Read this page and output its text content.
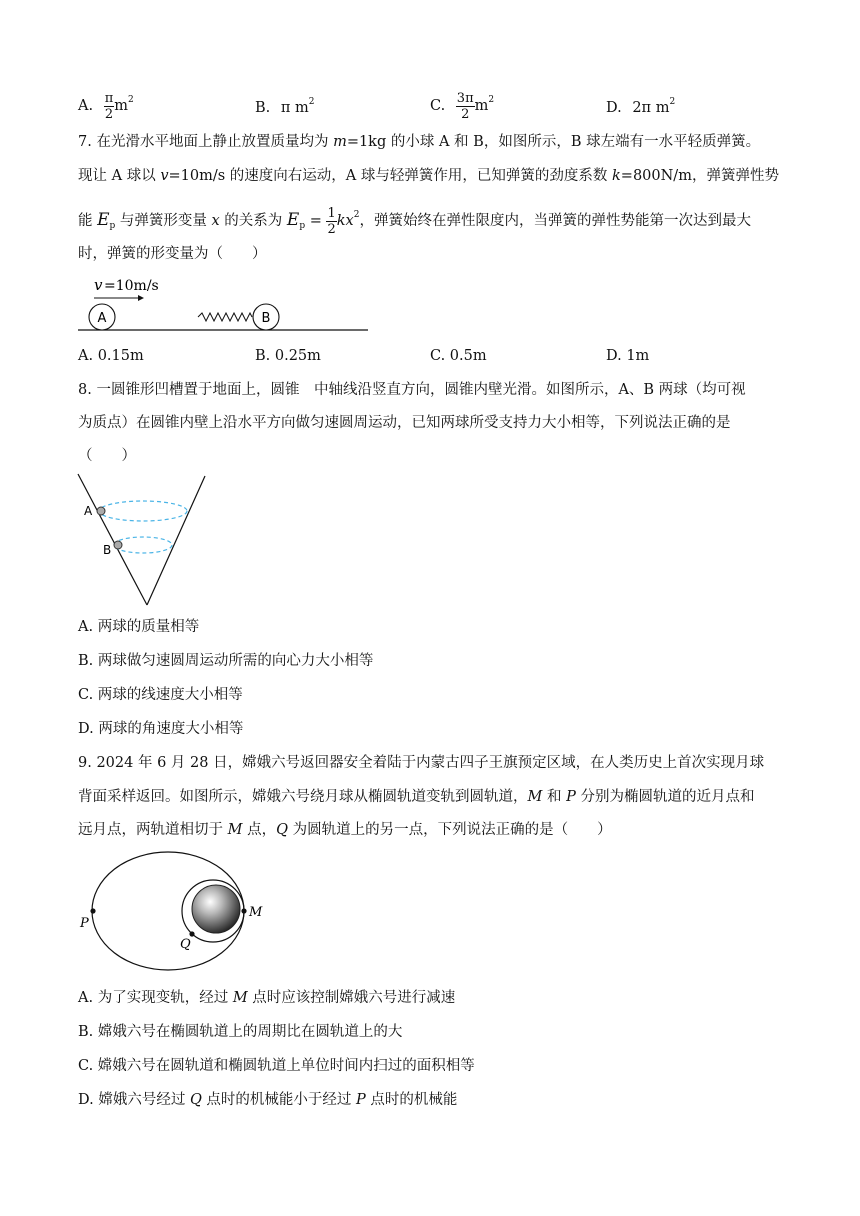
A. $\frac{\pi}{2} m^2$	B. π $m^2$	C. $\frac{3\pi}{2} m^2$	D. 2π $m^2$
7. 在光滑水平地面上静止放置质量均为 m=1kg 的小球 A 和 B，如图所示，B 球左端有一水平轻质弹簧。
现让 A 球以 v=10m/s 的速度向右运动，A 球与轻弹簧作用，已知弹簧的劲度系数 k=800N/m，弹簧弹性势
能 $E_p$ 与弹簧形变量 x 的关系为 $E_p = \frac{1}{2} kx^2$，弹簧始终在弹性限度内，当弹簧的弹性势能第一次达到最大
时，弹簧的形变量为（　　）
v =10m/s
A	B
A. 0.15m	B. 0.25m	C. 0.5m	D. 1m
8. 一圆锥形凹槽置于地面上，圆锥　中轴线沿竖直方向，圆锥内壁光滑。如图所示，A、B 两球（均可视
为质点）在圆锥内壁上沿水平方向做匀速圆周运动，已知两球所受支持力大小相等，下列说法正确的是
（　　）
A
B
A. 两球的质量相等
B. 两球做匀速圆周运动所需的向心力大小相等
C. 两球的线速度大小相等
D. 两球的角速度大小相等
9. 2024 年 6 月 28 日，嫦娥六号返回器安全着陆于内蒙古四子王旗预定区域，在人类历史上首次实现月球
背面采样返回。如图所示，嫦娥六号绕月球从椭圆轨道变轨到圆轨道，M 和 P 分别为椭圆轨道的近月点和
远月点，两轨道相切于 M 点，Q 为圆轨道上的另一点，下列说法正确的是（　　）
P
M
Q
A. 为了实现变轨，经过 M 点时应该控制嫦娥六号进行减速
B. 嫦娥六号在椭圆轨道上的周期比在圆轨道上的大
C. 嫦娥六号在圆轨道和椭圆轨道上单位时间内扫过的面积相等
D. 嫦娥六号经过 Q 点时的机械能小于经过 P 点时的机械能
